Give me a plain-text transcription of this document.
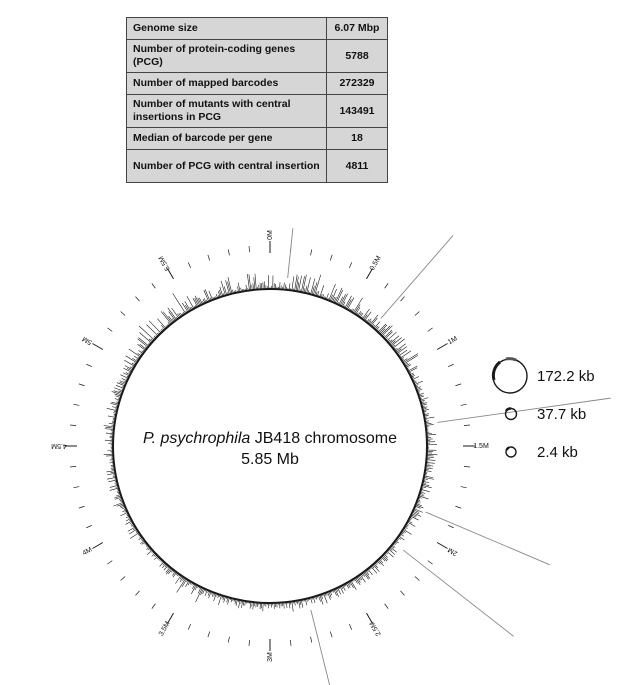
Genome size	6.07 Mbp
Number of protein-coding genes (PCG)	5788
Number of mapped barcodes	272329
Number of mutants with central insertions in PCG	143491
Median of barcode per gene	18
Number of PCG with central insertion	4811
0M
0.5M
1M
1.5M
2M
2.5M
3M
3.5M
4M
4.5M
5M
5.5M
P. psychrophila JB418 chromosome
5.85 Mb
172.2 kb
37.7 kb
2.4 kb
